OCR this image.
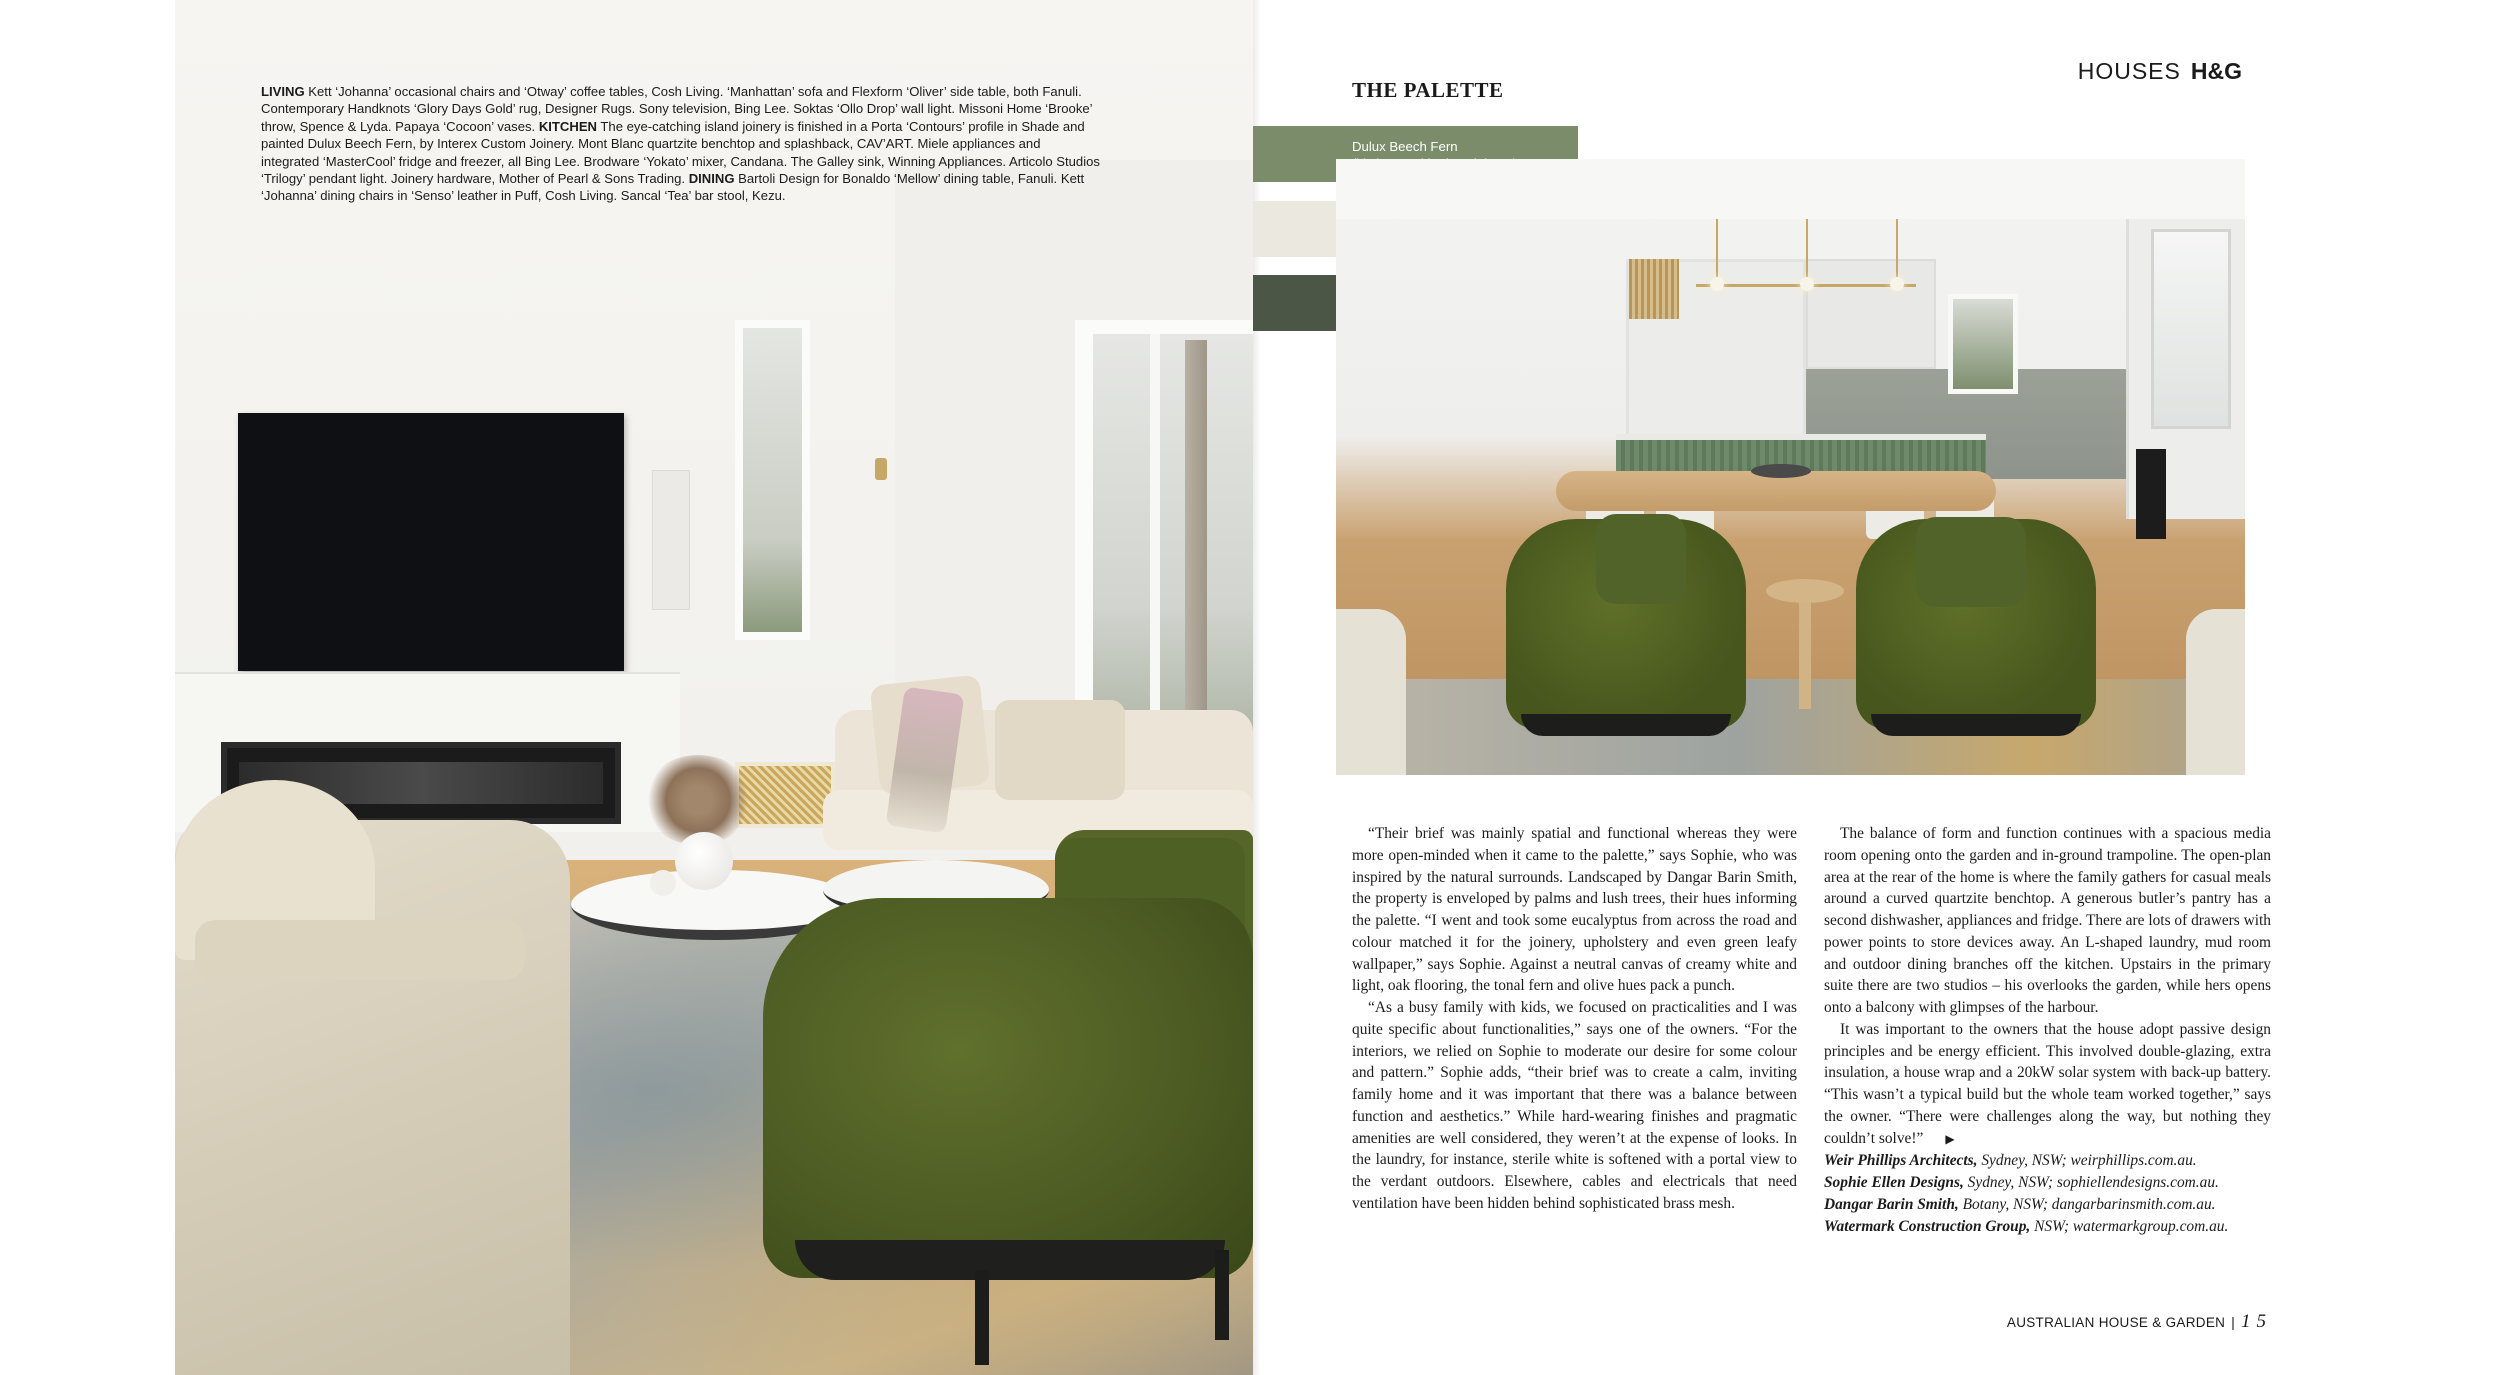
LIVING Kett ‘Johanna’ occasional chairs and ‘Otway’ coffee tables, Cosh Living. ‘Manhattan’ sofa and Flexform ‘Oliver’ side table, both Fanuli. Contemporary Handknots ‘Glory Days Gold’ rug, Designer Rugs. Sony television, Bing Lee. Soktas ‘Ollo Drop’ wall light. Missoni Home ‘Brooke’ throw, Spence & Lyda. Papaya ‘Cocoon’ vases. KITCHEN The eye-catching island joinery is finished in a Porta ‘Contours’ profile in Shade and painted Dulux Beech Fern, by Interex Custom Joinery. Mont Blanc quartzite benchtop and splashback, CAV’ART. Miele appliances and integrated ‘MasterCool’ fridge and freezer, all Bing Lee. Brodware ‘Yokato’ mixer, Candana. The Galley sink, Winning Appliances. Articolo Studios ‘Trilogy’ pendant light. Joinery hardware, Mother of Pearl & Sons Trading. DINING Bartoli Design for Bonaldo ‘Mellow’ dining table, Fanuli. Kett ‘Johanna’ dining chairs in ‘Senso’ leather in Puff, Cosh Living. Sancal ‘Tea’ bar stool, Kezu.
HOUSES H&G
THE PALETTE
Dulux Beech Fern

“Their brief was mainly spatial and functional whereas they were more open-minded when it came to the palette,” says Sophie, who was inspired by the natural surrounds. Landscaped by Dangar Barin Smith, the property is enveloped by palms and lush trees, their hues informing the palette. “I went and took some eucalyptus from across the road and colour matched it for the joinery, upholstery and even green leafy wallpaper,” says Sophie. Against a neutral canvas of creamy white and light, oak flooring, the tonal fern and olive hues pack a punch.

“As a busy family with kids, we focused on practicalities and I was quite specific about functionalities,” says one of the owners. “For the interiors, we relied on Sophie to moderate our desire for some colour and pattern.” Sophie adds, “their brief was to create a calm, inviting family home and it was important that there was a balance between function and aesthetics.” While hard-wearing finishes and pragmatic amenities are well considered, they weren’t at the expense of looks. In the laundry, for instance, sterile white is softened with a portal view to the verdant outdoors. Elsewhere, cables and electricals that need ventilation have been hidden behind sophisticated brass mesh.

The balance of form and function continues with a spacious media room opening onto the garden and in-ground trampoline. The open-plan area at the rear of the home is where the family gathers for casual meals around a curved quartzite benchtop. A generous butler’s pantry has a second dishwasher, appliances and fridge. There are lots of drawers with power points to store devices away. An L-shaped laundry, mud room and outdoor dining branches off the kitchen. Upstairs in the primary suite there are two studios – his overlooks the garden, while hers opens onto a balcony with glimpses of the harbour.

It was important to the owners that the house adopt passive design principles and be energy efficient. This involved double-glazing, extra insulation, a house wrap and a 20kW solar system with back-up battery. “This wasn’t a typical build but the whole team worked together,” says the owner. “There were challenges along the way, but nothing they couldn’t solve!” ▶

Weir Phillips Architects, Sydney, NSW; weirphillips.com.au.
Sophie Ellen Designs, Sydney, NSW; sophiellendesigns.com.au.
Dangar Barin Smith, Botany, NSW; dangarbarinsmith.com.au.
Watermark Construction Group, NSW; watermarkgroup.com.au.

AUSTRALIAN HOUSE & GARDEN | 15
